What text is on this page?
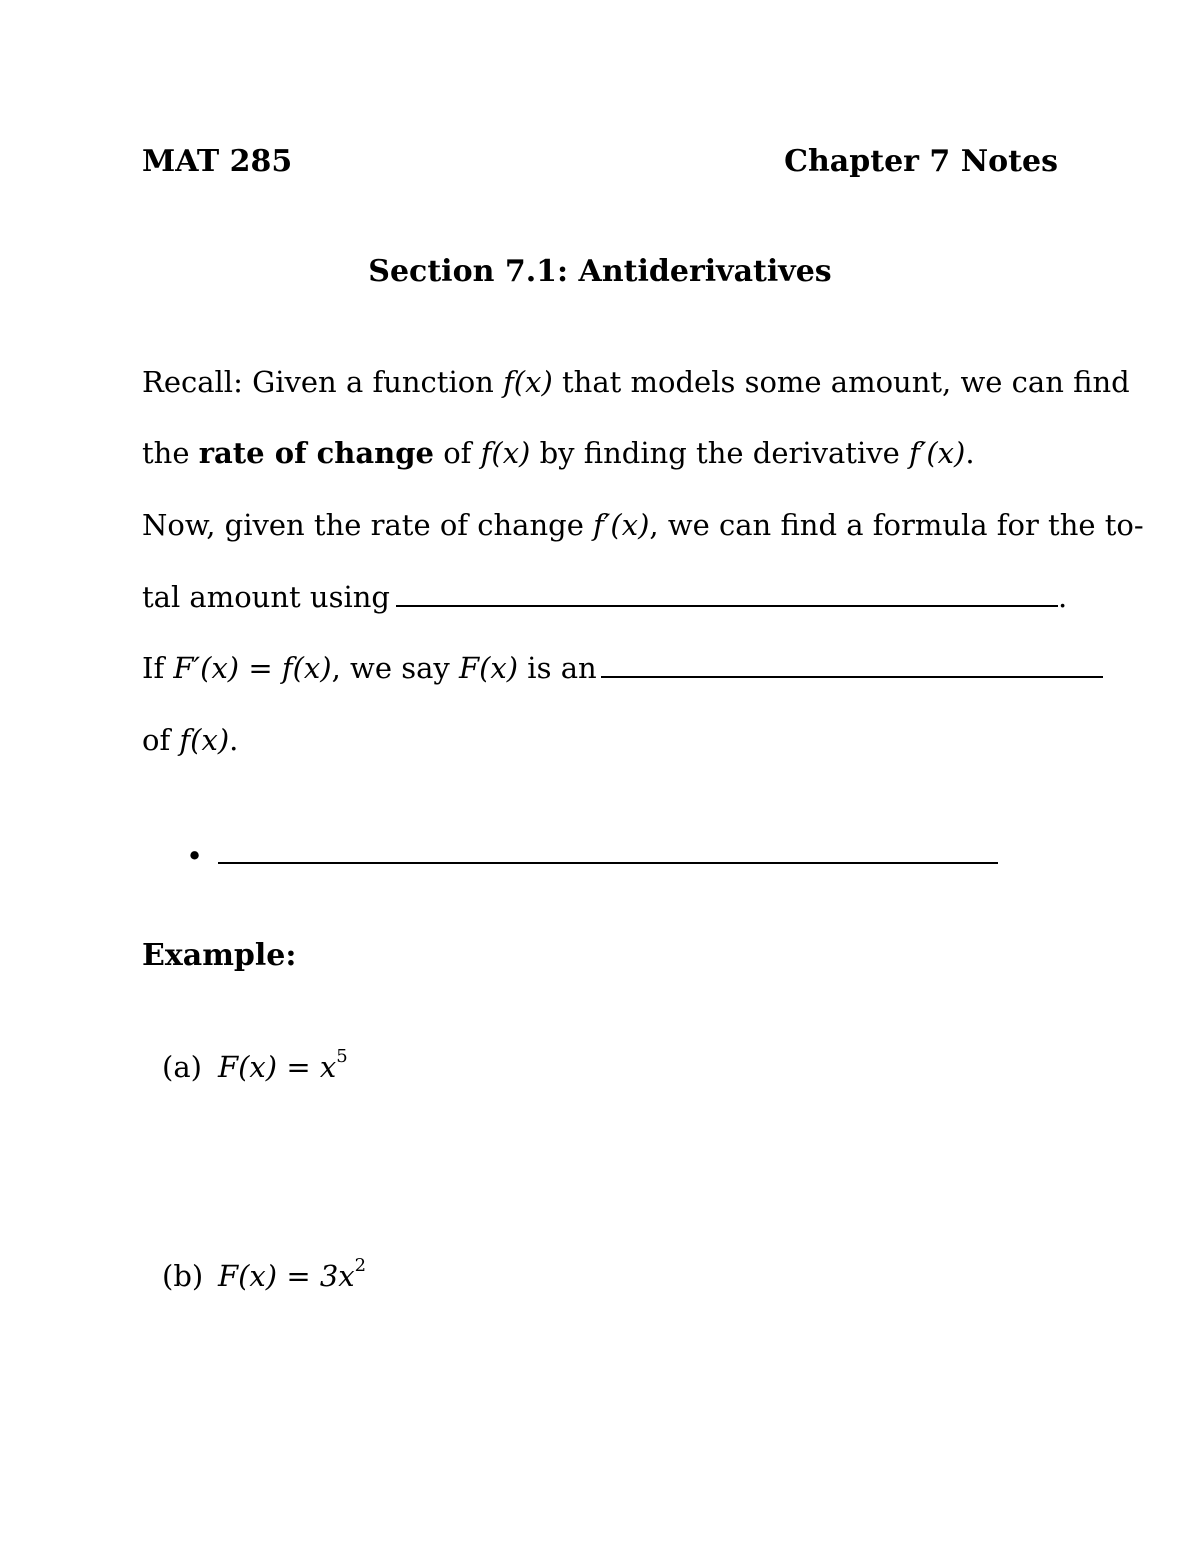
MAT 285	Chapter 7 Notes
Section 7.1: Antiderivatives
Recall: Given a function f(x) that models some amount, we can find
the rate of change of f(x) by finding the derivative f′(x).
Now, given the rate of change f′(x), we can find a formula for the to-
tal amount using	.
If F′(x) = f(x), we say F(x) is an
of f(x).
•
Example:
(a) $F(x) = x^5$
(b) $F(x) = 3x^2$
